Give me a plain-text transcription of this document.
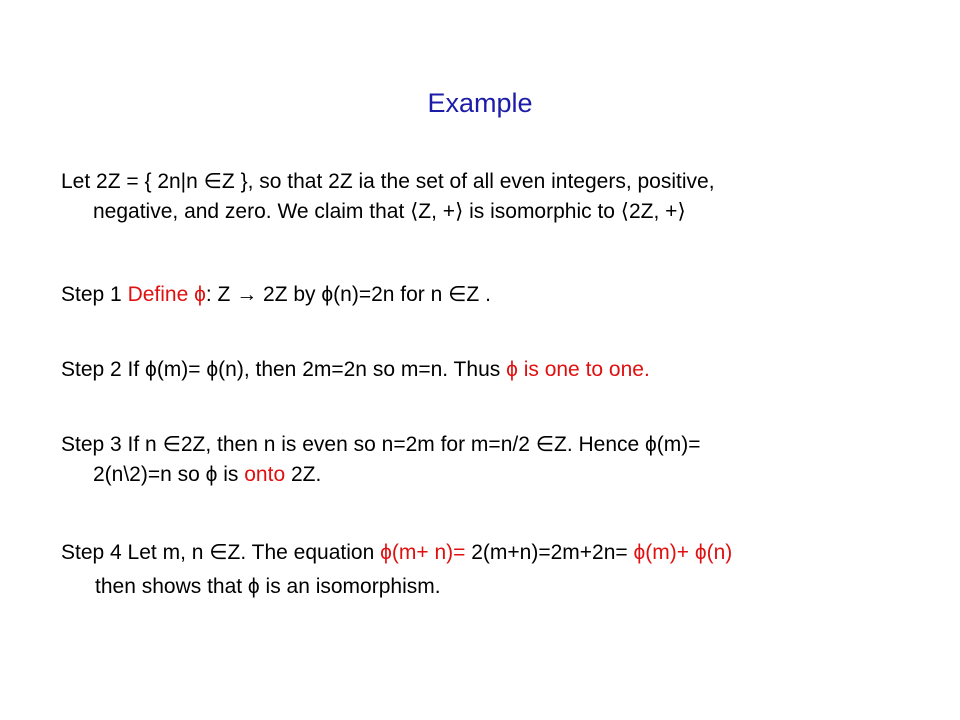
Example
Let 2Z = { 2n|n ∈Z }, so that 2Z ia the set of all even integers, positive,
negative, and zero. We claim that ⟨Z, +⟩ is isomorphic to ⟨2Z, +⟩
Step 1 Define ϕ: Z → 2Z by ϕ(n)=2n for n ∈Z .
Step 2 If ϕ(m)= ϕ(n), then 2m=2n so m=n. Thus ϕ is one to one.
Step 3 If n ∈2Z, then n is even so n=2m for m=n/2 ∈Z. Hence ϕ(m)=
2(n\2)=n so ϕ is onto 2Z.
Step 4 Let m, n ∈Z. The equation ϕ(m+ n)= 2(m+n)=2m+2n= ϕ(m)+ ϕ(n)
then shows that ϕ is an isomorphism.
